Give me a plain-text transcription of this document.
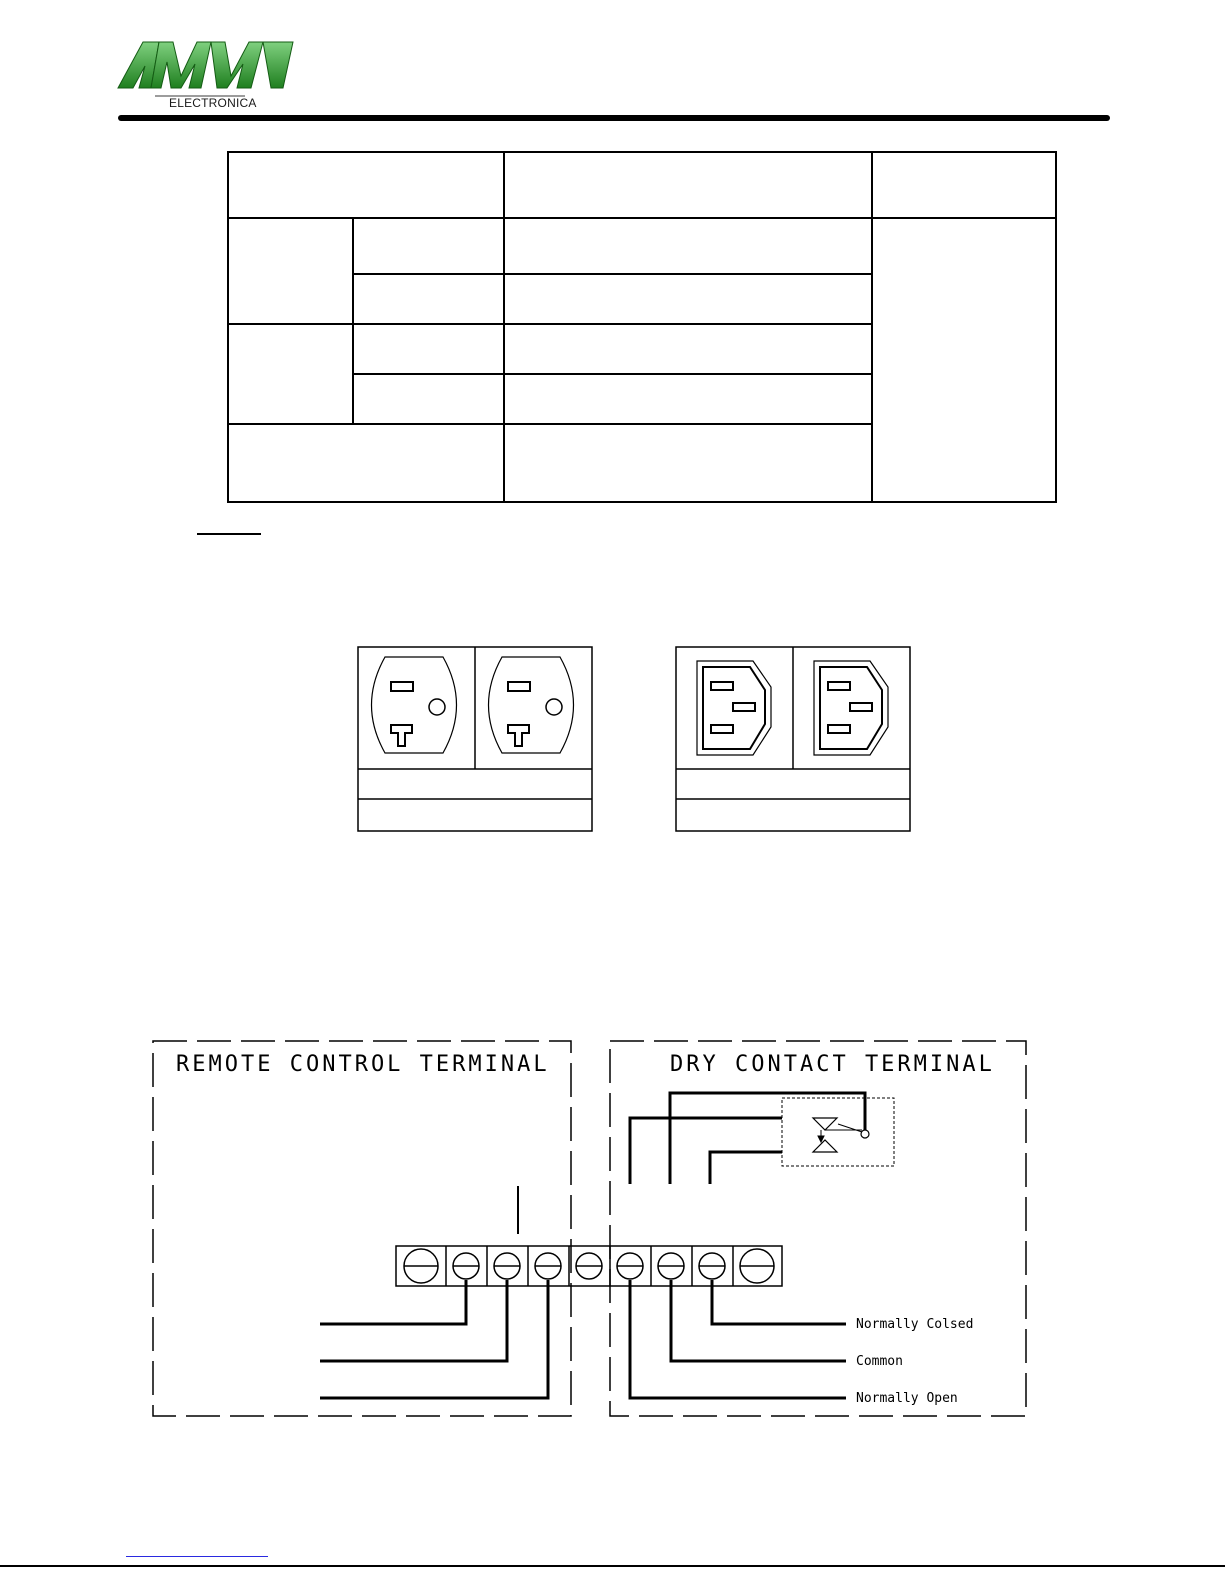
ELECTRONICA
REMOTE CONTROL TERMINAL	DRY CONTACT TERMINAL
Normally Colsed
Common
Normally Open
